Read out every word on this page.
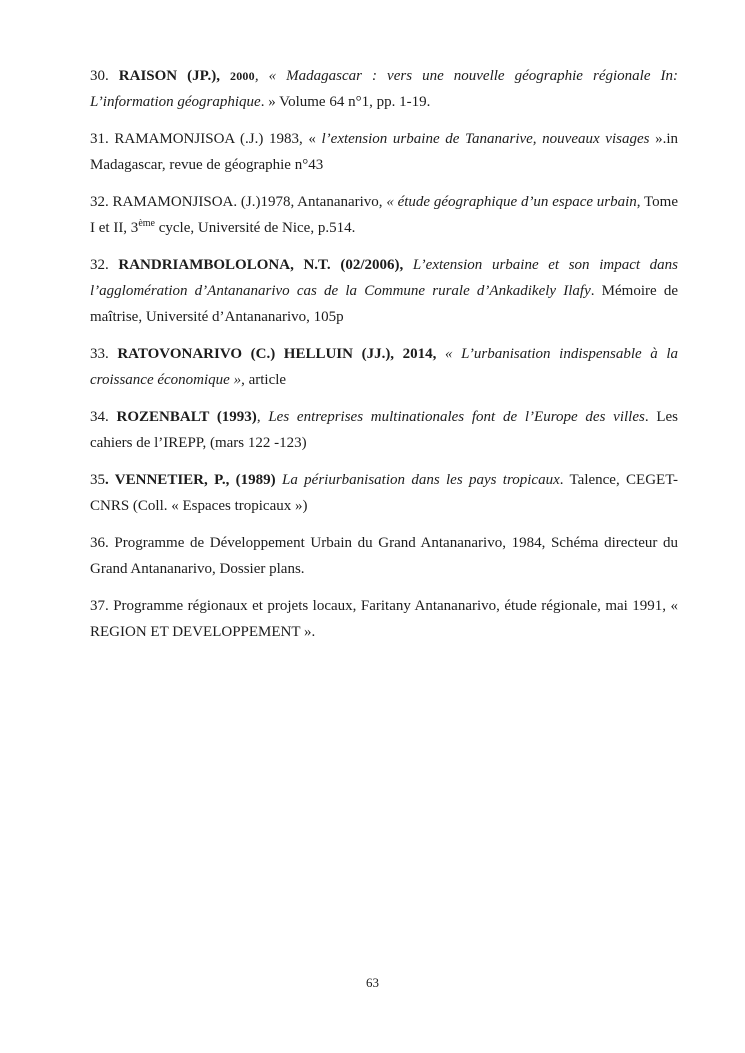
30. RAISON (JP.), 2000, « Madagascar : vers une nouvelle géographie régionale In: L’information géographique. » Volume 64 n°1, pp. 1-19.

31. RAMAMONJISOA (.J.) 1983, « l’extension urbaine de Tananarive, nouveaux visages ».in Madagascar, revue de géographie n°43

32. RAMAMONJISOA. (J.)1978, Antananarivo, « étude géographique d’un espace urbain, Tome I et II, 3ème cycle, Université de Nice, p.514.

32. RANDRIAMBOLOLONA, N.T. (02/2006), L’extension urbaine et son impact dans l’agglomération d’Antananarivo cas de la Commune rurale d’Ankadikely Ilafy. Mémoire de maîtrise, Université d’Antananarivo, 105p

33. RATOVONARIVO (C.) HELLUIN (JJ.), 2014, « L’urbanisation indispensable à la croissance économique », article

34. ROZENBALT (1993), Les entreprises multinationales font de l’Europe des villes. Les cahiers de l’IREPP, (mars 122 -123)

35. VENNETIER, P., (1989) La périurbanisation dans les pays tropicaux. Talence, CEGET-CNRS (Coll. « Espaces tropicaux »)

36. Programme de Développement Urbain du Grand Antananarivo, 1984, Schéma directeur du Grand Antananarivo, Dossier plans.

37. Programme régionaux et projets locaux, Faritany Antananarivo, étude régionale, mai 1991, « REGION ET DEVELOPPEMENT ».

63
